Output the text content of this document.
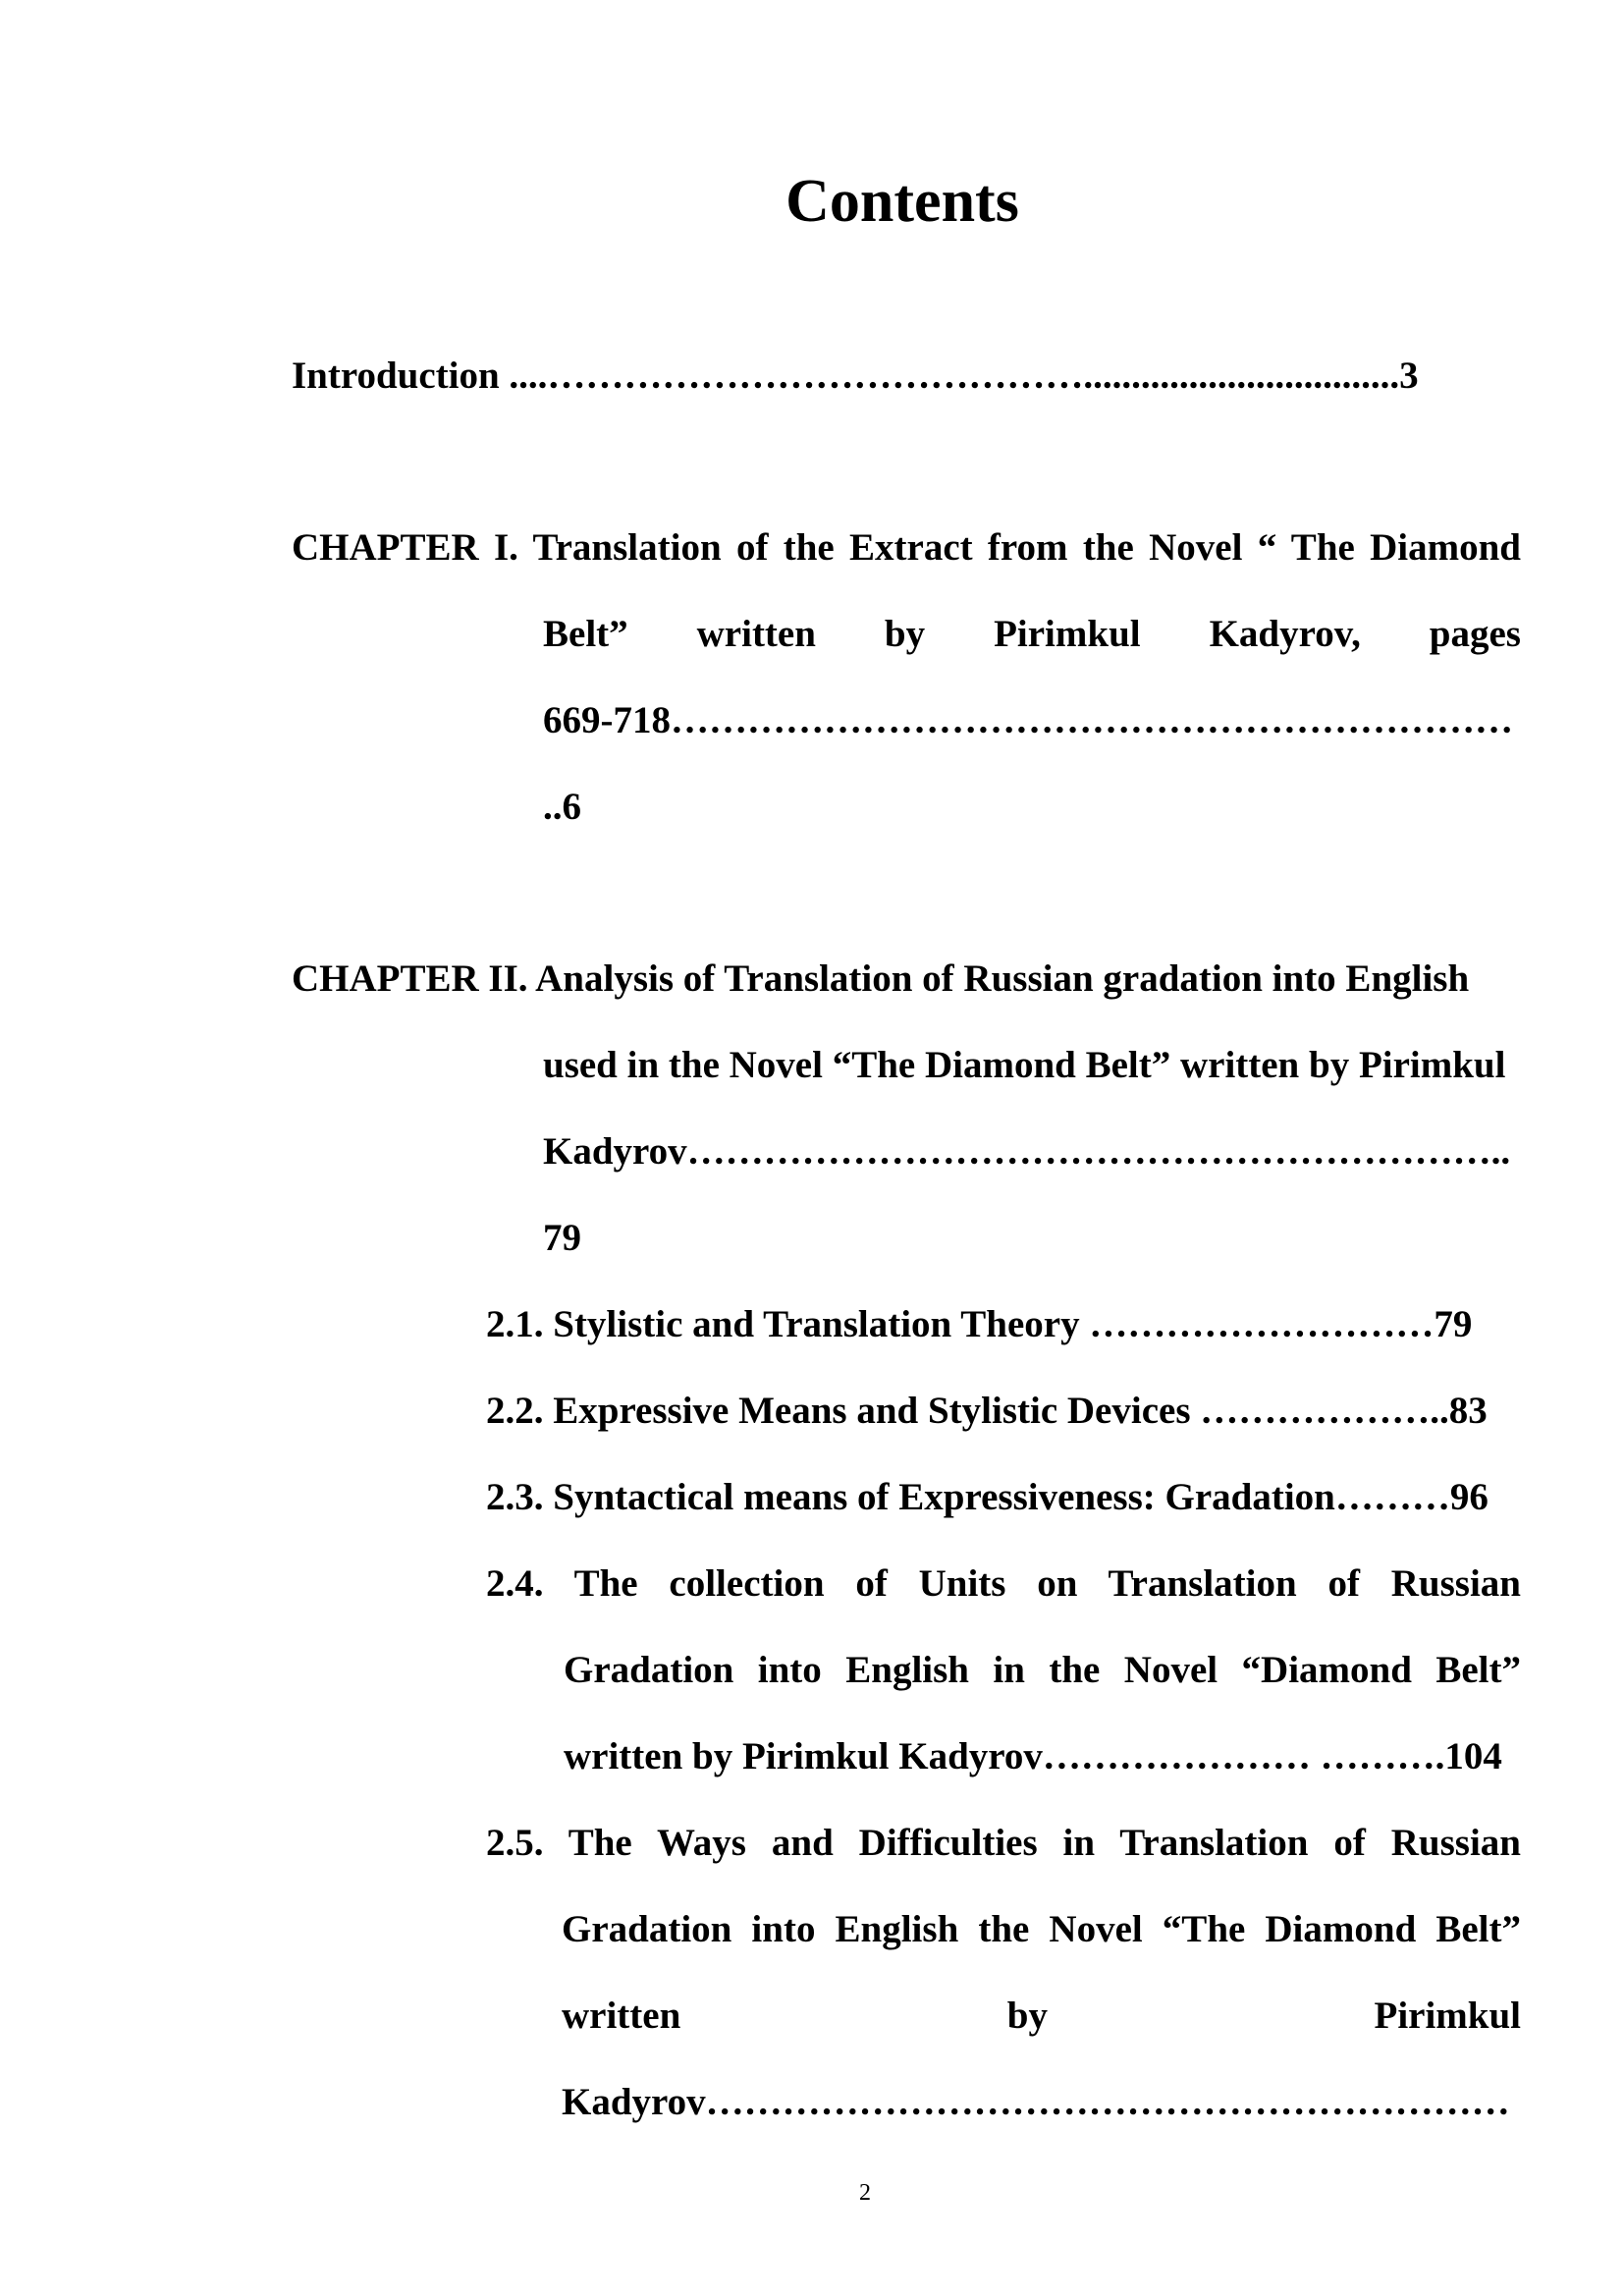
Contents

Introduction ....…………………………………….................................3

CHAPTER I. Translation of the Extract from the Novel “ The Diamond

Belt” written by Pirimkul Kadyrov, pages

669-718…………………………………………………………

..6

CHAPTER II. Analysis of Translation of Russian gradation into English

used in the Novel “The Diamond Belt” written by Pirimkul

Kadyrov………………………………………………………..

79

2.1. Stylistic and Translation Theory ………………………79

2.2. Expressive Means and Stylistic Devices ………………..83

2.3. Syntactical means of Expressiveness: Gradation………96

2.4. The collection of Units on Translation of Russian

Gradation into English in the Novel “Diamond Belt”

written by Pirimkul Kadyrov………………… ……….104

2.5. The Ways and Difficulties in Translation of Russian

Gradation into English the Novel “The Diamond Belt”

written by Pirimkul

Kadyrov………………………………………………………

2
